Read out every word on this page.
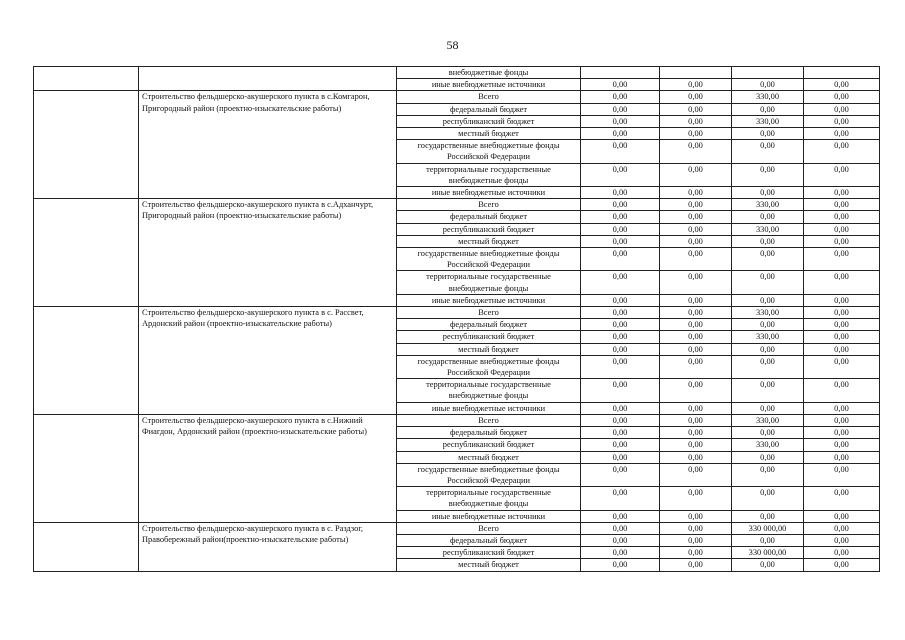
58
		внебюджетные фонды				
		иные внебюджетные источники	0,00	0,00	0,00	0,00
	Строительство фельдшерско-акушерского пункта в с.Комгарон, Пригородный район (проектно-изыскательские работы)	Всего	0,00	0,00	330,00	0,00
		федеральный бюджет	0,00	0,00	0,00	0,00
		республиканский бюджет	0,00	0,00	330,00	0,00
		местный бюджет	0,00	0,00	0,00	0,00
		государственные внебюджетные фонды Российской Федерации	0,00	0,00	0,00	0,00
		территориальные государственные внебюджетные фонды	0,00	0,00	0,00	0,00
		иные внебюджетные источники	0,00	0,00	0,00	0,00
	Строительство фельдшерско-акушерского пункта в с.Адханчурт, Пригородный район (проектно-изыскательские работы)	Всего	0,00	0,00	330,00	0,00
		федеральный бюджет	0,00	0,00	0,00	0,00
		республиканский бюджет	0,00	0,00	330,00	0,00
		местный бюджет	0,00	0,00	0,00	0,00
		государственные внебюджетные фонды Российской Федерации	0,00	0,00	0,00	0,00
		территориальные государственные внебюджетные фонды	0,00	0,00	0,00	0,00
		иные внебюджетные источники	0,00	0,00	0,00	0,00
	Строительство фельдшерско-акушерского пункта в с. Рассвет, Ардонский район (проектно-изыскательские работы)	Всего	0,00	0,00	330,00	0,00
		федеральный бюджет	0,00	0,00	0,00	0,00
		республиканский бюджет	0,00	0,00	330,00	0,00
		местный бюджет	0,00	0,00	0,00	0,00
		государственные внебюджетные фонды Российской Федерации	0,00	0,00	0,00	0,00
		территориальные государственные внебюджетные фонды	0,00	0,00	0,00	0,00
		иные внебюджетные источники	0,00	0,00	0,00	0,00
	Строительство фельдшерско-акушерского пункта в с.Нижний Фиагдон, Ардонский район (проектно-изыскательские работы)	Всего	0,00	0,00	330,00	0,00
		федеральный бюджет	0,00	0,00	0,00	0,00
		республиканский бюджет	0,00	0,00	330,00	0,00
		местный бюджет	0,00	0,00	0,00	0,00
		государственные внебюджетные фонды Российской Федерации	0,00	0,00	0,00	0,00
		территориальные государственные внебюджетные фонды	0,00	0,00	0,00	0,00
		иные внебюджетные источники	0,00	0,00	0,00	0,00
	Строительство фельдшерско-акушерского пункта в с. Раздзог, Правобережный район(проектно-изыскательские работы)	Всего	0,00	0,00	330 000,00	0,00
		федеральный бюджет	0,00	0,00	0,00	0,00
		республиканский бюджет	0,00	0,00	330 000,00	0,00
		местный бюджет	0,00	0,00	0,00	0,00
